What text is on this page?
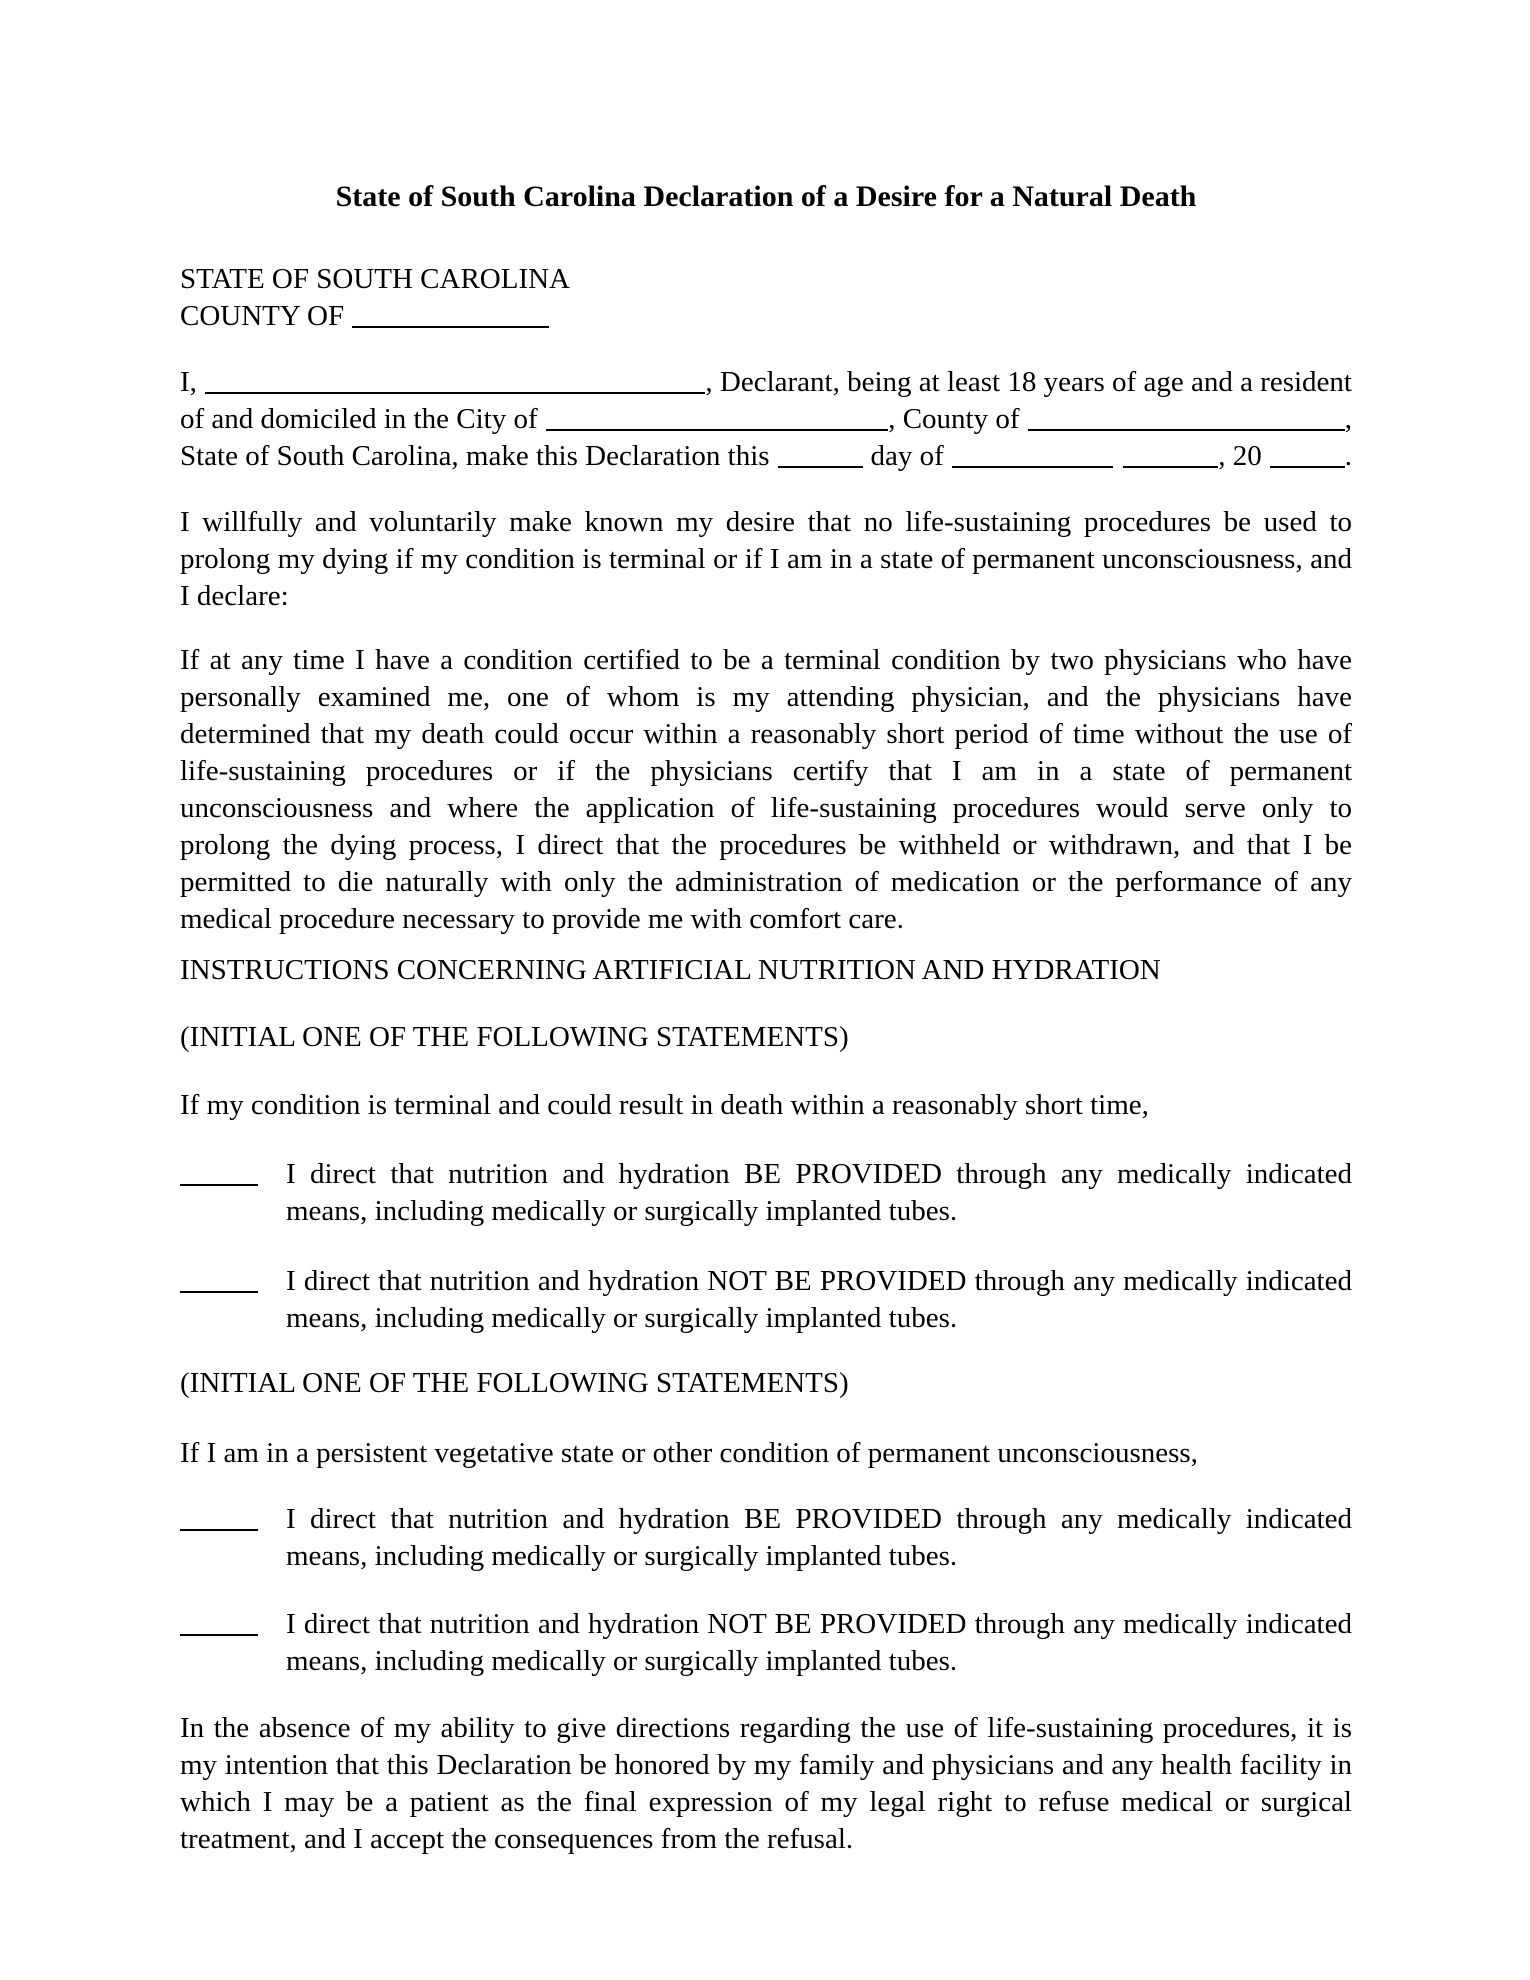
State of South Carolina Declaration of a Desire for a Natural Death
STATE OF SOUTH CAROLINA
COUNTY OF
I,	, Declarant, being at least 18 years of age and a resident
of and domiciled in the City of	, County of	,
State of South Carolina, make this Declaration this	day of	, 20	.

I willfully and voluntarily make known my desire that no life-sustaining procedures be used to prolong my dying if my condition is terminal or if I am in a state of permanent unconsciousness, and I declare:

If at any time I have a condition certified to be a terminal condition by two physicians who have personally examined me, one of whom is my attending physician, and the physicians have determined that my death could occur within a reasonably short period of time without the use of life-sustaining procedures or if the physicians certify that I am in a state of permanent unconsciousness and where the application of life-sustaining procedures would serve only to prolong the dying process, I direct that the procedures be withheld or withdrawn, and that I be permitted to die naturally with only the administration of medication or the performance of any medical procedure necessary to provide me with comfort care.

INSTRUCTIONS CONCERNING ARTIFICIAL NUTRITION AND HYDRATION

(INITIAL ONE OF THE FOLLOWING STATEMENTS)

If my condition is terminal and could result in death within a reasonably short time,

I direct that nutrition and hydration BE PROVIDED through any medically indicated means, including medically or surgically implanted tubes.

I direct that nutrition and hydration NOT BE PROVIDED through any medically indicated means, including medically or surgically implanted tubes.

(INITIAL ONE OF THE FOLLOWING STATEMENTS)

If I am in a persistent vegetative state or other condition of permanent unconsciousness,

I direct that nutrition and hydration BE PROVIDED through any medically indicated means, including medically or surgically implanted tubes.

I direct that nutrition and hydration NOT BE PROVIDED through any medically indicated means, including medically or surgically implanted tubes.

In the absence of my ability to give directions regarding the use of life-sustaining procedures, it is my intention that this Declaration be honored by my family and physicians and any health facility in which I may be a patient as the final expression of my legal right to refuse medical or surgical treatment, and I accept the consequences from the refusal.
